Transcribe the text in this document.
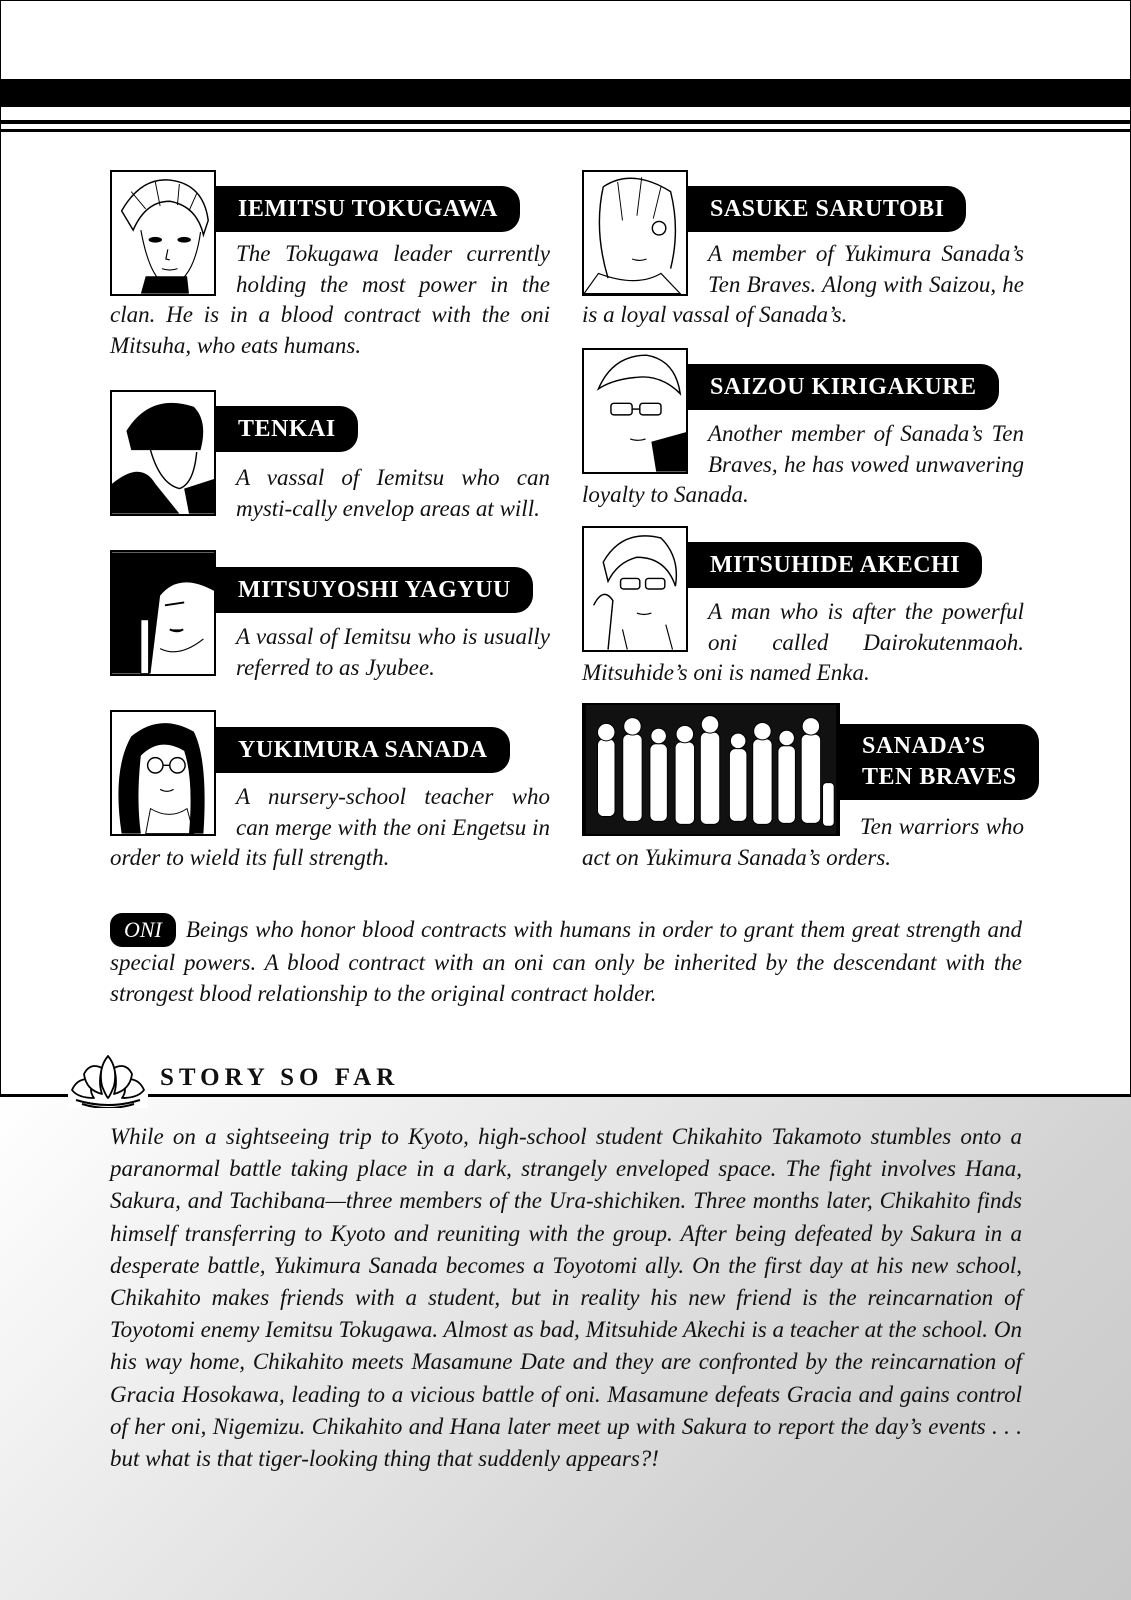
IEMITSU TOKUGAWA
The Tokugawa leader currently holding the most power in the clan. He is in a blood contract with the oni Mitsuha, who eats humans.
TENKAI
A vassal of Iemitsu who can mysti-cally envelop areas at will.
MITSUYOSHI YAGYUU
A vassal of Iemitsu who is usually referred to as Jyubee.
YUKIMURA SANADA
A nursery-school teacher who can merge with the oni Engetsu in order to wield its full strength.
SASUKE SARUTOBI
A member of Yukimura Sanada’s Ten Braves. Along with Saizou, he is a loyal vassal of Sanada’s.
SAIZOU KIRIGAKURE
Another member of Sanada’s Ten Braves, he has vowed unwavering loyalty to Sanada.
MITSUHIDE AKECHI
A man who is after the powerful oni called Dairokutenmaoh. Mitsuhide’s oni is named Enka.
SANADA’S
TEN BRAVES
Ten warriors who act on Yukimura Sanada’s orders.
ONI Beings who honor blood contracts with humans in order to grant them great strength and special powers. A blood contract with an oni can only be inherited by the descendant with the strongest blood relationship to the original contract holder.
STORY SO FAR

While on a sightseeing trip to Kyoto, high-school student Chikahito Takamoto stumbles onto a paranormal battle taking place in a dark, strangely enveloped space. The fight involves Hana, Sakura, and Tachibana—three members of the Ura-shichiken. Three months later, Chikahito finds himself transferring to Kyoto and reuniting with the group. After being defeated by Sakura in a desperate battle, Yukimura Sanada becomes a Toyotomi ally. On the first day at his new school, Chikahito makes friends with a student, but in reality his new friend is the reincarnation of Toyotomi enemy Iemitsu Tokugawa. Almost as bad, Mitsuhide Akechi is a teacher at the school. On his way home, Chikahito meets Masamune Date and they are confronted by the reincarnation of Gracia Hosokawa, leading to a vicious battle of oni. Masamune defeats Gracia and gains control of her oni, Nigemizu. Chikahito and Hana later meet up with Sakura to report the day’s events . . . but what is that tiger-looking thing that suddenly appears?!
